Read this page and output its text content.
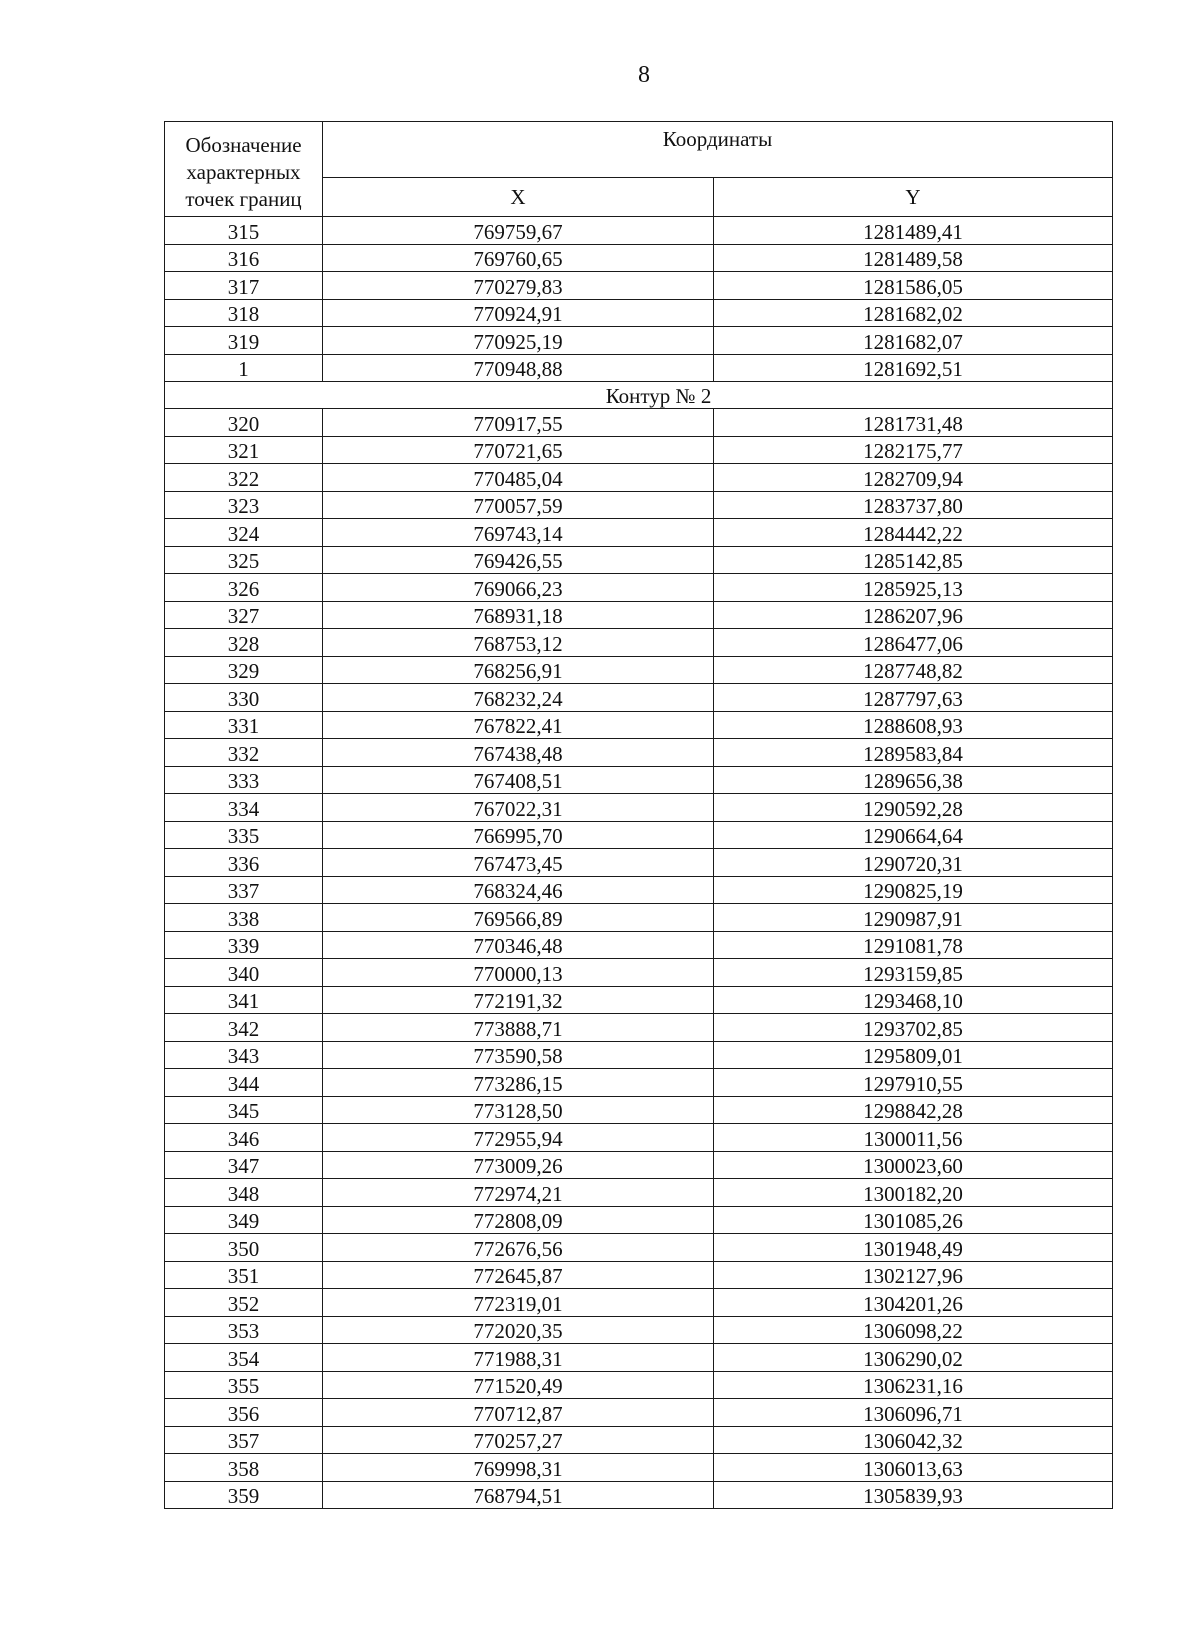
8
Обозначение
характерных
точек границ	Координаты	
	X	Y
315	769759,67	1281489,41
316	769760,65	1281489,58
317	770279,83	1281586,05
318	770924,91	1281682,02
319	770925,19	1281682,07
1	770948,88	1281692,51
Контур № 2		
320	770917,55	1281731,48
321	770721,65	1282175,77
322	770485,04	1282709,94
323	770057,59	1283737,80
324	769743,14	1284442,22
325	769426,55	1285142,85
326	769066,23	1285925,13
327	768931,18	1286207,96
328	768753,12	1286477,06
329	768256,91	1287748,82
330	768232,24	1287797,63
331	767822,41	1288608,93
332	767438,48	1289583,84
333	767408,51	1289656,38
334	767022,31	1290592,28
335	766995,70	1290664,64
336	767473,45	1290720,31
337	768324,46	1290825,19
338	769566,89	1290987,91
339	770346,48	1291081,78
340	770000,13	1293159,85
341	772191,32	1293468,10
342	773888,71	1293702,85
343	773590,58	1295809,01
344	773286,15	1297910,55
345	773128,50	1298842,28
346	772955,94	1300011,56
347	773009,26	1300023,60
348	772974,21	1300182,20
349	772808,09	1301085,26
350	772676,56	1301948,49
351	772645,87	1302127,96
352	772319,01	1304201,26
353	772020,35	1306098,22
354	771988,31	1306290,02
355	771520,49	1306231,16
356	770712,87	1306096,71
357	770257,27	1306042,32
358	769998,31	1306013,63
359	768794,51	1305839,93
